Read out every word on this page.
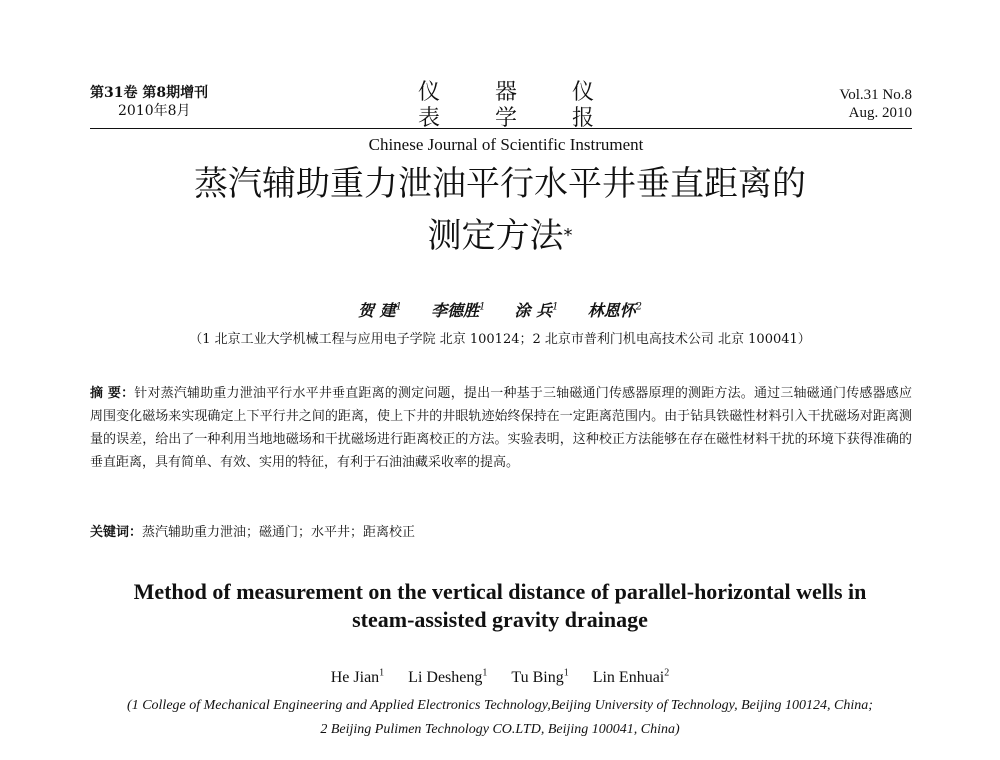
第31卷 第8期增刊
2010年8月
仪 器 仪 表 学 报
Chinese Journal of Scientific Instrument
Vol.31 No.8
Aug. 2010
蒸汽辅助重力泄油平行水平井垂直距离的
测定方法*
贺 建$^1$ 李德胜$^1$ 涂 兵$^1$ 林恩怀$^2$
（1 北京工业大学机械工程与应用电子学院 北京 100124；2 北京市普利门机电高技术公司 北京 100041）
摘 要：针对蒸汽辅助重力泄油平行水平井垂直距离的测定问题，提出一种基于三轴磁通门传感器原理的测距方法。通过三轴磁通门传感器感应周围变化磁场来实现确定上下平行井之间的距离，使上下井的井眼轨迹始终保持在一定距离范围内。由于钻具铁磁性材料引入干扰磁场对距离测量的误差，给出了一种利用当地地磁场和干扰磁场进行距离校正的方法。实验表明，这种校正方法能够在存在磁性材料干扰的环境下获得准确的垂直距离，具有简单、有效、实用的特征，有利于石油油藏采收率的提高。
关键词：蒸汽辅助重力泄油；磁通门；水平井；距离校正
Method of measurement on the vertical distance of parallel-horizontal wells in
steam-assisted gravity drainage
He Jian$^1$ Li Desheng$^1$ Tu Bing$^1$ Lin Enhuai$^2$
(1 College of Mechanical Engineering and Applied Electronics Technology,Beijing University of Technology, Beijing 100124, China;
2 Beijing Pulimen Technology CO.LTD, Beijing 100041, China)
